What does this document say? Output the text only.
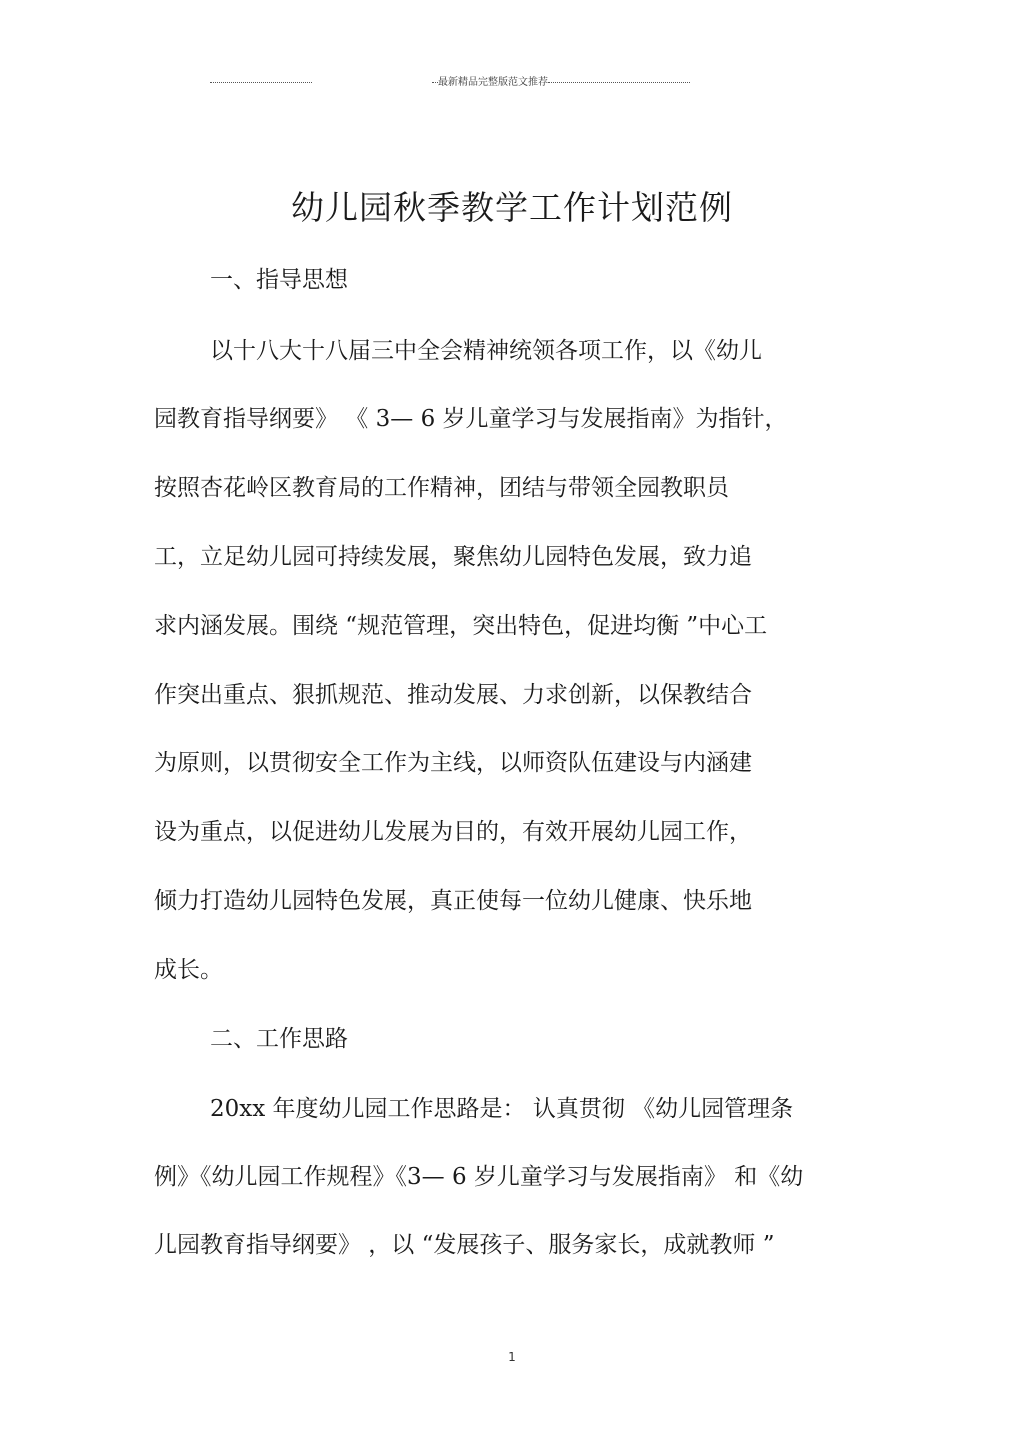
最新精品完整版范文推荐
幼儿园秋季教学工作计划范例
一、指导思想
以十八大十八届三中全会精神统领各项工作，以《幼儿
园教育指导纲要》 《 3— 6 岁儿童学习与发展指南》为指针，
按照杏花岭区教育局的工作精神，团结与带领全园教职员
工，立足幼儿园可持续发展，聚焦幼儿园特色发展，致力追
求内涵发展。围绕 “规范管理，突出特色，促进均衡 ”中心工
作突出重点、狠抓规范、推动发展、力求创新，以保教结合
为原则，以贯彻安全工作为主线，以师资队伍建设与内涵建
设为重点，以促进幼儿发展为目的，有效开展幼儿园工作，
倾力打造幼儿园特色发展，真正使每一位幼儿健康、快乐地
成长。
二、工作思路
20xx 年度幼儿园工作思路是： 认真贯彻 《幼儿园管理条
例》《幼儿园工作规程》《3— 6 岁儿童学习与发展指南》 和《幼
儿园教育指导纲要》 ，以 “发展孩子、服务家长，成就教师 ”
1
